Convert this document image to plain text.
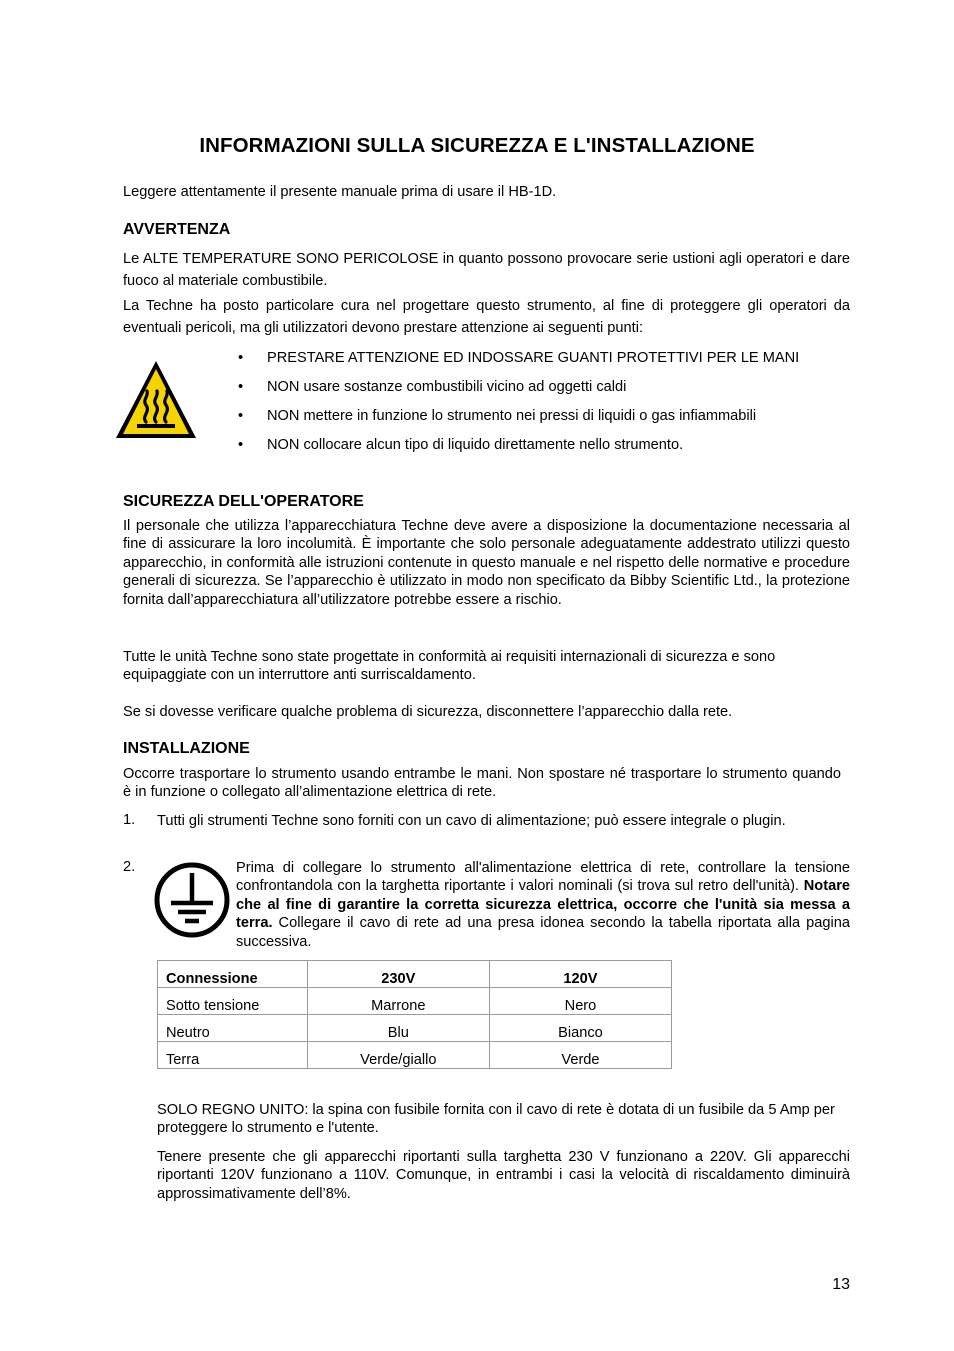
INFORMAZIONI SULLA SICUREZZA E L'INSTALLAZIONE

Leggere attentamente il presente manuale prima di usare il HB-1D.

AVVERTENZA

Le ALTE TEMPERATURE SONO PERICOLOSE in quanto possono provocare serie ustioni agli operatori e dare fuoco al materiale combustibile.

La Techne ha posto particolare cura nel progettare questo strumento, al fine di proteggere gli operatori da eventuali pericoli, ma gli utilizzatori devono prestare attenzione ai seguenti punti:

• PRESTARE ATTENZIONE ED INDOSSARE GUANTI PROTETTIVI PER LE MANI
• NON usare sostanze combustibili vicino ad oggetti caldi
• NON mettere in funzione lo strumento nei pressi di liquidi o gas infiammabili
• NON collocare alcun tipo di liquido direttamente nello strumento.
SICUREZZA DELL'OPERATORE

Il personale che utilizza l’apparecchiatura Techne deve avere a disposizione la documentazione necessaria al fine di assicurare la loro incolumità. È importante che solo personale adeguatamente addestrato utilizzi questo apparecchio, in conformità alle istruzioni contenute in questo manuale e nel rispetto delle normative e procedure generali di sicurezza. Se l’apparecchio è utilizzato in modo non specificato da Bibby Scientific Ltd., la protezione fornita dall’apparecchiatura all’utilizzatore potrebbe essere a rischio.

Tutte le unità Techne sono state progettate in conformità ai requisiti internazionali di sicurezza e sono equipaggiate con un interruttore anti surriscaldamento.

Se si dovesse verificare qualche problema di sicurezza, disconnettere l’apparecchio dalla rete.

INSTALLAZIONE

Occorre trasportare lo strumento usando entrambe le mani. Non spostare né trasportare lo strumento quando è in funzione o collegato all’alimentazione elettrica di rete.

1. Tutti gli strumenti Techne sono forniti con un cavo di alimentazione; può essere integrale o plugin.

2.	Prima di collegare lo strumento all'alimentazione elettrica di rete, controllare la tensione confrontandola con la targhetta riportante i valori nominali (si trova sul retro dell'unità). Notare che al fine di garantire la corretta sicurezza elettrica, occorre che l'unità sia messa a terra. Collegare il cavo di rete ad una presa idonea secondo la tabella riportata alla pagina successiva.

Connessione	230V	120V
Sotto tensione	Marrone	Nero
Neutro	Blu	Bianco
Terra	Verde/giallo	Verde

SOLO REGNO UNITO: la spina con fusibile fornita con il cavo di rete è dotata di un fusibile da 5 Amp per proteggere lo strumento e l'utente.

Tenere presente che gli apparecchi riportanti sulla targhetta 230 V funzionano a 220V. Gli apparecchi riportanti 120V funzionano a 110V. Comunque, in entrambi i casi la velocità di riscaldamento diminuirà approssimativamente dell’8%.

13
